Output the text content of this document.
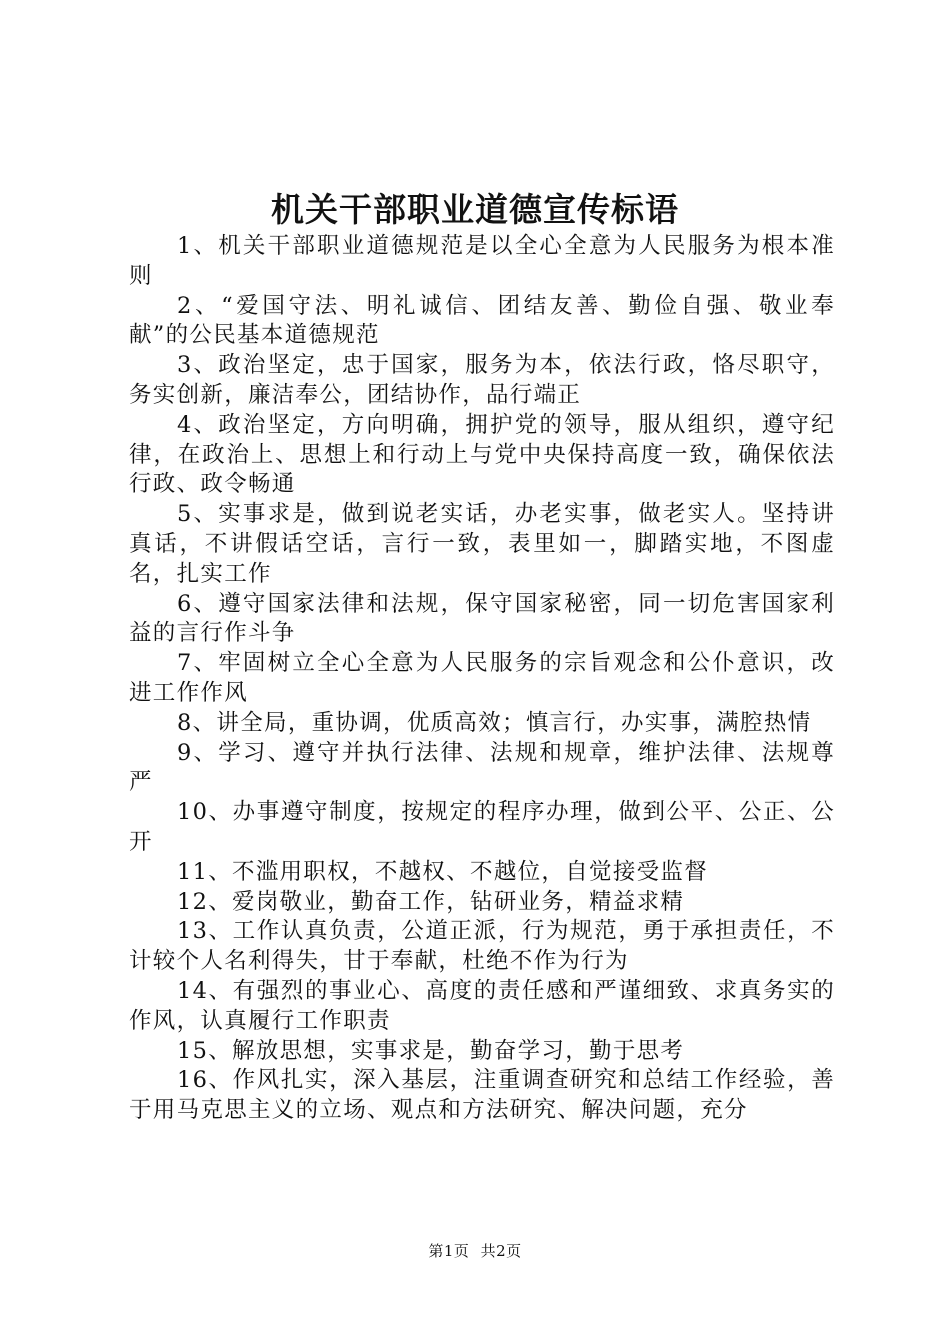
机关干部职业道德宣传标语

1、机关干部职业道德规范是以全心全意为人民服务为根本准则

2、“爱国守法、明礼诚信、团结友善、勤俭自强、敬业奉献”的公民基本道德规范

3、政治坚定，忠于国家，服务为本，依法行政，恪尽职守，务实创新，廉洁奉公，团结协作，品行端正

4、政治坚定，方向明确，拥护党的领导，服从组织，遵守纪律，在政治上、思想上和行动上与党中央保持高度一致，确保依法行政、政令畅通

5、实事求是，做到说老实话，办老实事，做老实人。坚持讲真话，不讲假话空话，言行一致，表里如一，脚踏实地，不图虚名，扎实工作

6、遵守国家法律和法规，保守国家秘密，同一切危害国家利益的言行作斗争

7、牢固树立全心全意为人民服务的宗旨观念和公仆意识，改进工作作风

8、讲全局，重协调，优质高效；慎言行，办实事，满腔热情

9、学习、遵守并执行法律、法规和规章，维护法律、法规尊严

10、办事遵守制度，按规定的程序办理，做到公平、公正、公开

11、不滥用职权，不越权、不越位，自觉接受监督

12、爱岗敬业，勤奋工作，钻研业务，精益求精

13、工作认真负责，公道正派，行为规范，勇于承担责任，不计较个人名利得失，甘于奉献，杜绝不作为行为

14、有强烈的事业心、高度的责任感和严谨细致、求真务实的作风，认真履行工作职责

15、解放思想，实事求是，勤奋学习，勤于思考

16、作风扎实，深入基层，注重调查研究和总结工作经验，善于用马克思主义的立场、观点和方法研究、解决问题，充分

第1页 共2页
